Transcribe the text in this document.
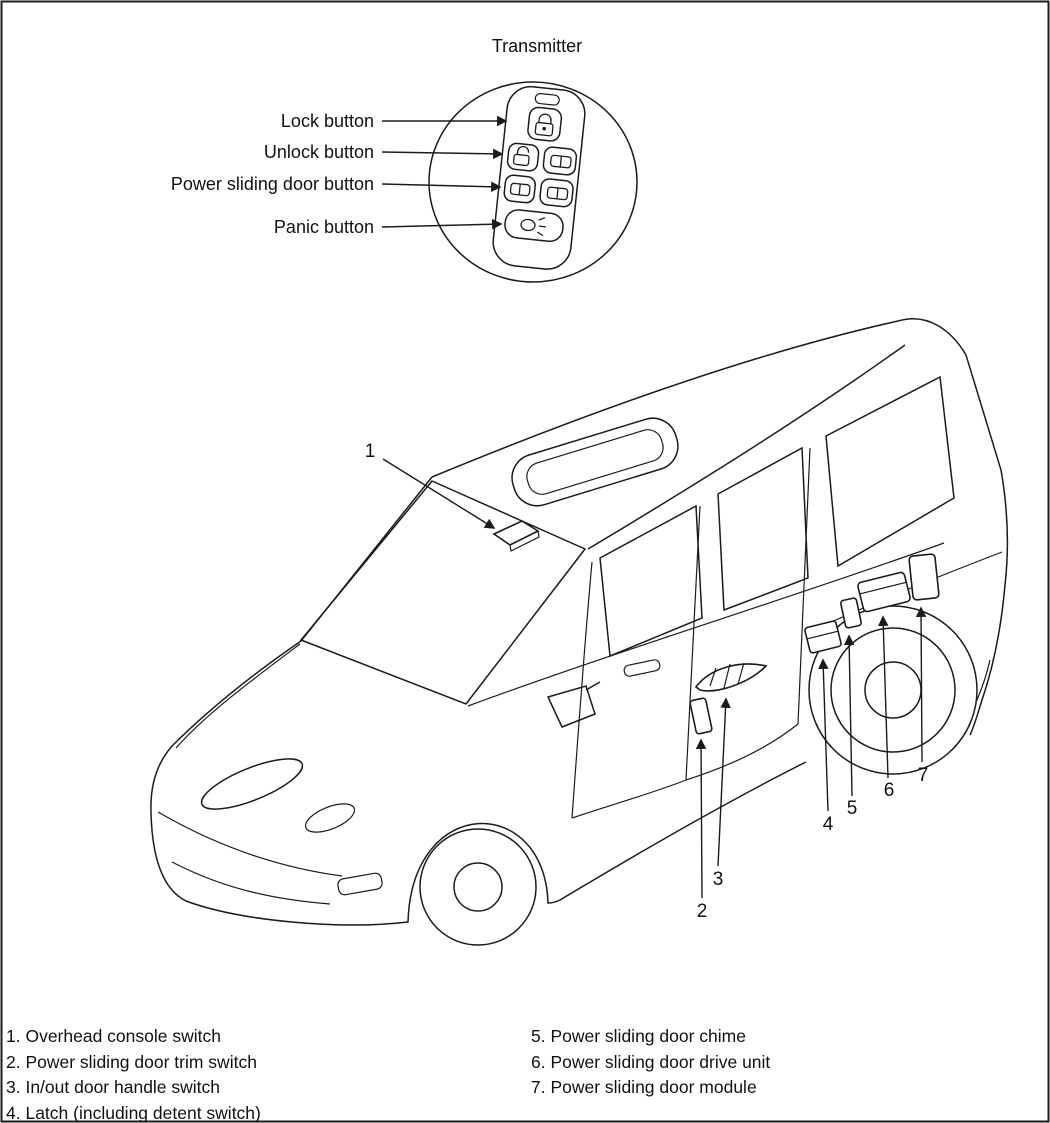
Transmitter
Lock button
Unlock button
Power sliding door button
Panic button
1
2
3
4
5
6
7
1. Overhead console switch
2. Power sliding door trim switch
3. In/out door handle switch
4. Latch (including detent switch)
5. Power sliding door chime
6. Power sliding door drive unit
7. Power sliding door module
